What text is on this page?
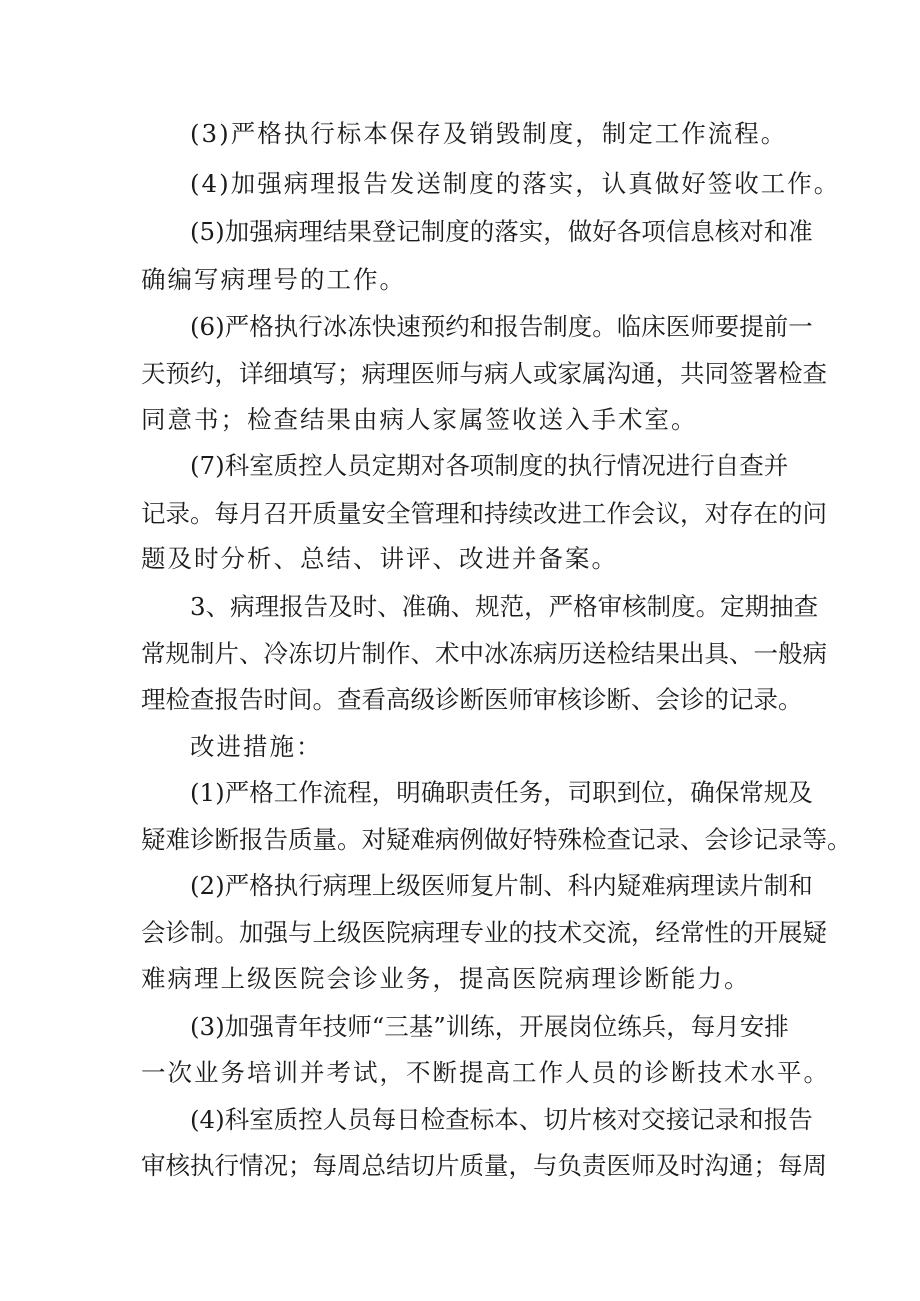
(3)严格执行标本保存及销毁制度，制定工作流程。
(4)加强病理报告发送制度的落实，认真做好签收工作。
(5)加强病理结果登记制度的落实，做好各项信息核对和准
确编写病理号的工作。
(6)严格执行冰冻快速预约和报告制度。临床医师要提前一
天预约，详细填写；病理医师与病人或家属沟通，共同签署检查
同意书；检查结果由病人家属签收送入手术室。
(7)科室质控人员定期对各项制度的执行情况进行自查并
记录。每月召开质量安全管理和持续改进工作会议，对存在的问
题及时分析、总结、讲评、改进并备案。
3、病理报告及时、准确、规范，严格审核制度。定期抽查
常规制片、冷冻切片制作、术中冰冻病历送检结果出具、一般病
理检查报告时间。查看高级诊断医师审核诊断、会诊的记录。
改进措施：
(1)严格工作流程，明确职责任务，司职到位，确保常规及
疑难诊断报告质量。对疑难病例做好特殊检查记录、会诊记录等。
(2)严格执行病理上级医师复片制、科内疑难病理读片制和
会诊制。加强与上级医院病理专业的技术交流，经常性的开展疑
难病理上级医院会诊业务，提高医院病理诊断能力。
(3)加强青年技师“三基”训练，开展岗位练兵，每月安排
一次业务培训并考试，不断提高工作人员的诊断技术水平。
(4)科室质控人员每日检查标本、切片核对交接记录和报告
审核执行情况；每周总结切片质量，与负责医师及时沟通；每周
